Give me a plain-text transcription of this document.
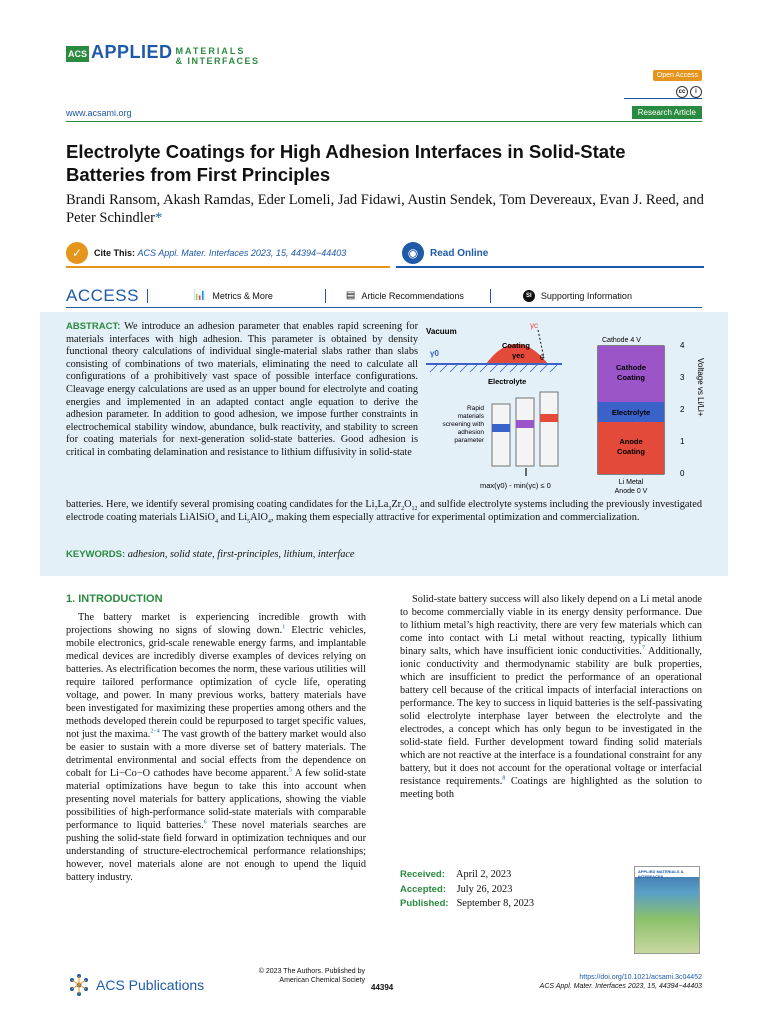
ACS APPLIED MATERIALS
& INTERFACES
Open Access
cc	i
www.acsami.org	Research Article
Electrolyte Coatings for High Adhesion Interfaces in Solid-State Batteries from First Principles
Brandi Ransom, Akash Ramdas, Eder Lomeli, Jad Fidawi, Austin Sendek, Tom Devereaux, Evan J. Reed, and Peter Schindler*
✓	Cite This: ACS Appl. Mater. Interfaces 2023, 15, 44394−44403	◉	Read Online
ACCESS	📊 Metrics & More	▤ Article Recommendations	SI	Supporting Information

ABSTRACT: We introduce an adhesion parameter that enables rapid screening for materials interfaces with high adhesion. This parameter is obtained by density functional theory calculations of individual single-material slabs rather than slabs consisting of combinations of two materials, eliminating the need to calculate all configurations of a prohibitively vast space of possible interface configurations. Cleavage energy calculations are used as an upper bound for electrolyte and coating energies and implemented in an adapted contact angle equation to derive the adhesion parameter. In addition to good adhesion, we impose further constraints in electrochemical stability window, abundance, bulk reactivity, and stability to screen for coating materials for next-generation solid-state batteries. Good adhesion is critical in combating delamination and resistance to lithium diffusivity in solid-state

batteries. Here, we identify several promising coating candidates for the $Li_7La_3Zr_2O_{12}$ and sulfide electrolyte systems including the previously investigated electrode coating materials LiAlSiO$_4$ and $Li_5AlO_4$, making them especially attractive for experimental optimization and commercialization.

KEYWORDS: adhesion, solid state, first-principles, lithium, interface

Vacuum
γc
γ0
Coating
γec θ
Electrolyte
Rapid
materials
screening with
adhesion
parameter
max(γ0) - min(γc) ≤ 0
Cathode 4 V
Cathode
Coating
Electrolyte
Anode
Coating
Li Metal
Anode 0 V
4
3
2
1
0
Voltage vs Li/Li+
1. INTRODUCTION

The battery market is experiencing incredible growth with projections showing no signs of slowing down.$^1$ Electric vehicles, mobile electronics, grid-scale renewable energy farms, and implantable medical devices are incredibly diverse examples of devices relying on batteries. As electrification becomes the norm, these various utilities will require tailored performance optimization of cycle life, operating voltage, and power. In many previous works, battery materials have been investigated for maximizing these properties among others and the methods developed therein could be repurposed to target specific values, not just the maxima.$^{2-4}$ The vast growth of the battery market would also be easier to sustain with a more diverse set of battery materials. The detrimental environmental and social effects from the dependence on cobalt for Li−Co−O cathodes have become apparent.$^5$ A few solid-state material optimizations have begun to take this into account when presenting novel materials for battery applications, showing the viable possibilities of high-performance solid-state materials with comparable performance to liquid batteries.$^6$ These novel materials searches are pushing the solid-state field forward in optimization techniques and our understanding of structure-electrochemical performance relationships; however, novel materials alone are not enough to upend the liquid battery industry.

Solid-state battery success will also likely depend on a Li metal anode to become commercially viable in its energy density performance. Due to lithium metal’s high reactivity, there are very few materials which can come into contact with Li metal without reacting, typically lithium binary salts, which have insufficient ionic conductivities.$^7$ Additionally, ionic conductivity and thermodynamic stability are bulk properties, which are insufficient to predict the performance of an operational battery cell because of the critical impacts of interfacial interactions on performance. The key to success in liquid batteries is the self-passivating solid electrolyte interphase layer between the electrolyte and the electrodes, a concept which has only begun to be investigated in the solid-state field. Further development toward finding solid materials which are not reactive at the interface is a foundational constraint for any battery, but it does not account for the operational voltage or interfacial resistance requirements.$^8$ Coatings are highlighted as the solution to meeting both

Received: April 2, 2023
Accepted: July 26, 2023
Published: September 8, 2023
APPLIED MATERIALS & INTERFACES
ACS Publications
© 2023 The Authors. Published by
American Chemical Society
44394
https://doi.org/10.1021/acsami.3c04452
ACS Appl. Mater. Interfaces 2023, 15, 44394−44403
